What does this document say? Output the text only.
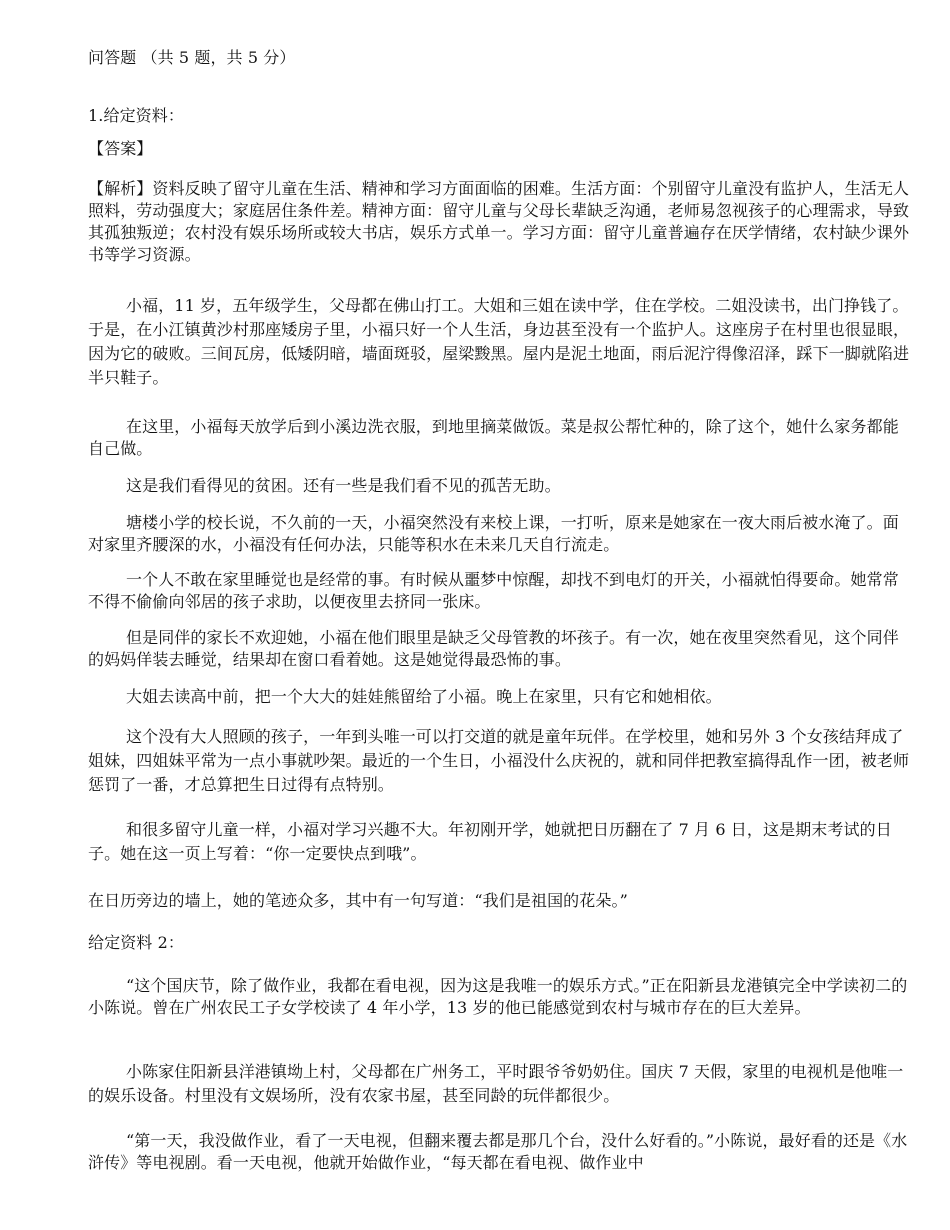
问答题 （共 5 题，共 5 分）

1.给定资料：

【答案】

【解析】资料反映了留守儿童在生活、精神和学习方面面临的困难。生活方面：个别留守儿童没有监护人，生活无人照料，劳动强度大；家庭居住条件差。精神方面：留守儿童与父母长辈缺乏沟通，老师易忽视孩子的心理需求，导致其孤独叛逆；农村没有娱乐场所或较大书店，娱乐方式单一。学习方面：留守儿童普遍存在厌学情绪，农村缺少课外书等学习资源。

小福，11 岁，五年级学生，父母都在佛山打工。大姐和三姐在读中学，住在学校。二姐没读书，出门挣钱了。于是，在小江镇黄沙村那座矮房子里，小福只好一个人生活，身边甚至没有一个监护人。这座房子在村里也很显眼，因为它的破败。三间瓦房，低矮阴暗，墙面斑驳，屋梁黢黑。屋内是泥土地面，雨后泥泞得像沼泽，踩下一脚就陷进半只鞋子。

在这里，小福每天放学后到小溪边洗衣服，到地里摘菜做饭。菜是叔公帮忙种的，除了这个，她什么家务都能自己做。

这是我们看得见的贫困。还有一些是我们看不见的孤苦无助。

塘楼小学的校长说，不久前的一天，小福突然没有来校上课，一打听，原来是她家在一夜大雨后被水淹了。面对家里齐腰深的水，小福没有任何办法，只能等积水在未来几天自行流走。

一个人不敢在家里睡觉也是经常的事。有时候从噩梦中惊醒，却找不到电灯的开关，小福就怕得要命。她常常不得不偷偷向邻居的孩子求助，以便夜里去挤同一张床。

但是同伴的家长不欢迎她，小福在他们眼里是缺乏父母管教的坏孩子。有一次，她在夜里突然看见，这个同伴的妈妈佯装去睡觉，结果却在窗口看着她。这是她觉得最恐怖的事。

大姐去读高中前，把一个大大的娃娃熊留给了小福。晚上在家里，只有它和她相依。

这个没有大人照顾的孩子，一年到头唯一可以打交道的就是童年玩伴。在学校里，她和另外 3 个女孩结拜成了姐妹，四姐妹平常为一点小事就吵架。最近的一个生日，小福没什么庆祝的，就和同伴把教室搞得乱作一团，被老师惩罚了一番，才总算把生日过得有点特别。

和很多留守儿童一样，小福对学习兴趣不大。年初刚开学，她就把日历翻在了 7 月 6 日，这是期末考试的日子。她在这一页上写着：“你一定要快点到哦”。

在日历旁边的墙上，她的笔迹众多，其中有一句写道：“我们是祖国的花朵。”

给定资料 2：

“这个国庆节，除了做作业，我都在看电视，因为这是我唯一的娱乐方式。”正在阳新县龙港镇完全中学读初二的小陈说。曾在广州农民工子女学校读了 4 年小学，13 岁的他已能感觉到农村与城市存在的巨大差异。

小陈家住阳新县洋港镇坳上村，父母都在广州务工，平时跟爷爷奶奶住。国庆 7 天假，家里的电视机是他唯一的娱乐设备。村里没有文娱场所，没有农家书屋，甚至同龄的玩伴都很少。

“第一天，我没做作业，看了一天电视，但翻来覆去都是那几个台，没什么好看的。”小陈说，最好看的还是《水浒传》等电视剧。看一天电视，他就开始做作业，“每天都在看电视、做作业中
